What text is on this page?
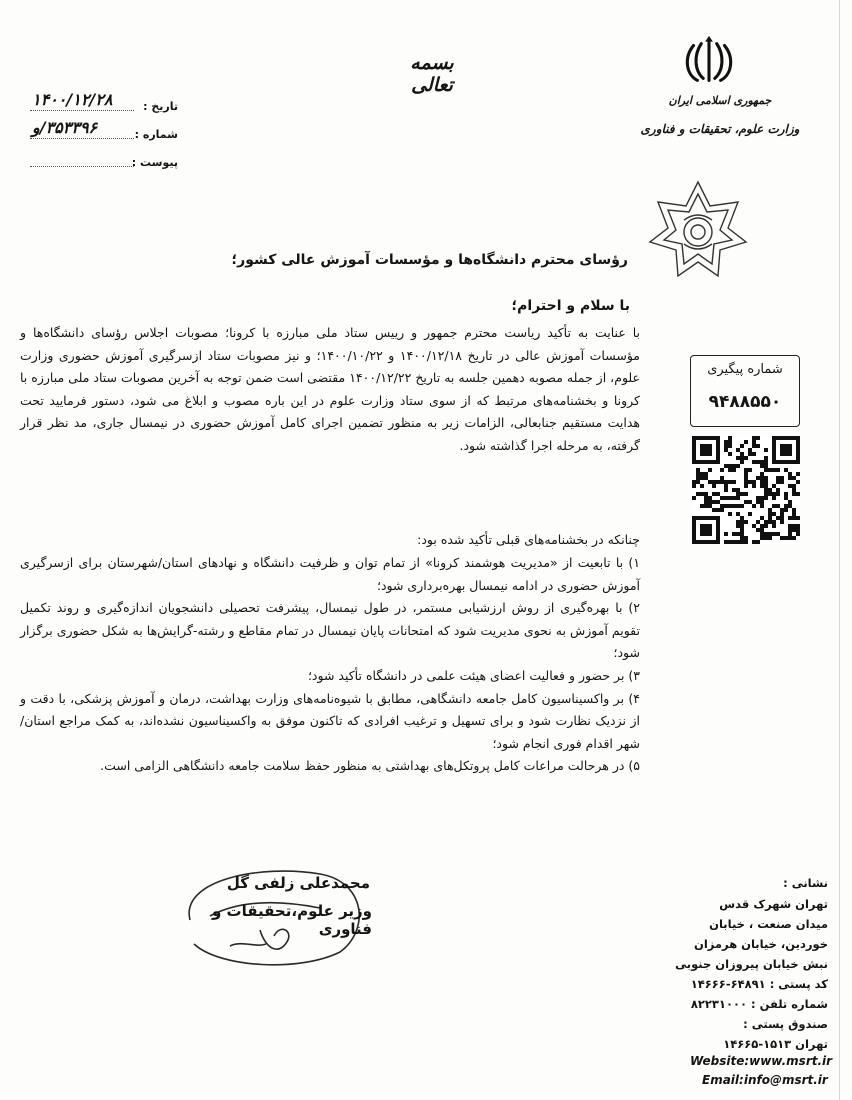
بسمه تعالی
جمهوری اسلامی ایران
وزارت علوم، تحقیقات و فناوری
تاریخ :
۱۴۰۰/۱۲/۲۸
شماره :
۳۵۳۳۹۶/و
پیوست :
شماره پیگیری
۹۴۸۸۵۵۰
رؤسای محترم دانشگاه‌ها و مؤسسات آموزش عالی کشور؛
با سلام و احترام؛
با عنایت به تأکید ریاست محترم جمهور و رییس ستاد ملی مبارزه با کرونا؛ مصوبات اجلاس رؤسای دانشگاه‌ها و مؤسسات آموزش عالی در تاریخ ۱۴۰۰/۱۲/۱۸ و ۱۴۰۰/۱۰/۲۲؛ و نیز مصوبات ستاد ازسرگیری آموزش حضوری وزارت علوم، از جمله مصوبه دهمین جلسه به تاریخ ۱۴۰۰/۱۲/۲۲ مقتضی است ضمن توجه به آخرین مصوبات ستاد ملی مبارزه با کرونا و بخشنامه‌های مرتبط که از سوی ستاد وزارت علوم در این باره مصوب و ابلاغ می شود، دستور فرمایید تحت هدایت مستقیم جنابعالی، الزامات زیر به منظور تضمین اجرای کامل آموزش حضوری در نیمسال جاری، مد نظر قرار گرفته، به مرحله اجرا گذاشته شود.
چنانکه در بخشنامه‌های قبلی تأکید شده بود:

۱) با تابعیت از «مدیریت هوشمند کرونا» از تمام توان و ظرفیت دانشگاه و نهادهای استان/شهرستان برای ازسرگیری آموزش حضوری در ادامه نیمسال بهره‌برداری شود؛

۲) با بهره‌گیری از روش ارزشیابی مستمر، در طول نیمسال، پیشرفت تحصیلی دانشجویان اندازه‌گیری و روند تکمیل تقویم آموزش به نحوی مدیریت شود که امتحانات پایان نیمسال در تمام مقاطع و رشته-گرایش‌ها به شکل حضوری برگزار شود؛

۳) بر حضور و فعالیت اعضای هیئت علمی در دانشگاه تأکید شود؛

۴) بر واکسیناسیون کامل جامعه دانشگاهی، مطابق با شیوه‌نامه‌های وزارت بهداشت، درمان و آموزش پزشکی، با دقت و از نزدیک نظارت شود و برای تسهیل و ترغیب افرادی که تاکنون موفق به واکسیناسیون نشده‌اند، به کمک مراجع استان/شهر اقدام فوری انجام شود؛

۵) در هرحالت مراعات کامل پروتکل‌های بهداشتی به منظور حفظ سلامت جامعه دانشگاهی الزامی است.

محمدعلی زلفی گل
وزیر علوم،تحقیقات و فناوری
نشانی :
تهران شهرک قدس
میدان صنعت ، خیابان
خوردین، خیابان هرمزان
نبش خیابان پیروزان جنوبی
کد پستی : ۶۴۸۹۱-۱۴۶۶۶
شماره تلفن : ۸۲۲۳۱۰۰۰
صندوق پستی :
تهران ۱۵۱۳-۱۴۶۶۵
Website:www.msrt.ir
Email:info@msrt.ir
